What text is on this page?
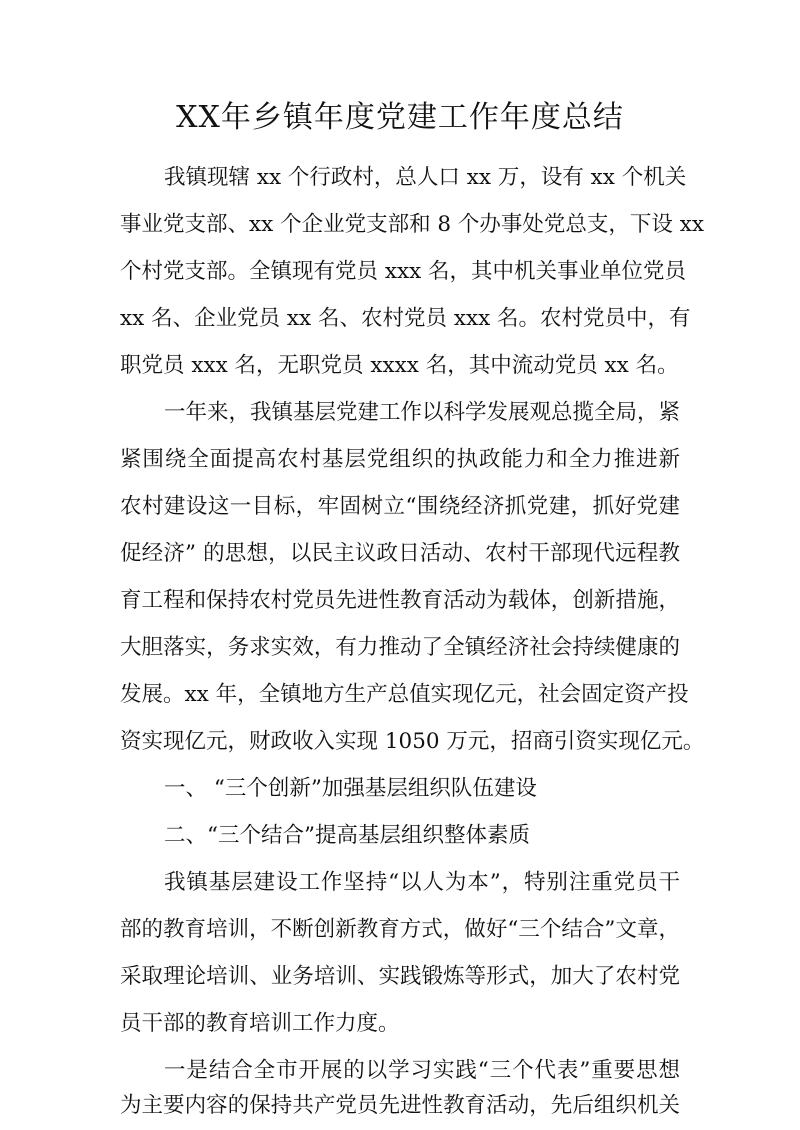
XX年乡镇年度党建工作年度总结

我镇现辖 xx 个行政村，总人口 xx 万，设有 xx 个机关

事业党支部、xx 个企业党支部和 8 个办事处党总支，下设 xx

个村党支部。全镇现有党员 xxx 名，其中机关事业单位党员

xx 名、企业党员 xx 名、农村党员 xxx 名。农村党员中，有

职党员 xxx 名，无职党员 xxxx 名，其中流动党员 xx 名。

一年来，我镇基层党建工作以科学发展观总揽全局，紧

紧围绕全面提高农村基层党组织的执政能力和全力推进新

农村建设这一目标，牢固树立“围绕经济抓党建，抓好党建

促经济” 的思想，以民主议政日活动、农村干部现代远程教

育工程和保持农村党员先进性教育活动为载体，创新措施，

大胆落实，务求实效，有力推动了全镇经济社会持续健康的

发展。xx 年，全镇地方生产总值实现亿元，社会固定资产投

资实现亿元，财政收入实现 1050 万元，招商引资实现亿元。

一、 “三个创新”加强基层组织队伍建设

二、“三个结合”提高基层组织整体素质

我镇基层建设工作坚持“以人为本”，特别注重党员干

部的教育培训，不断创新教育方式，做好“三个结合”文章，

采取理论培训、业务培训、实践锻炼等形式，加大了农村党

员干部的教育培训工作力度。

一是结合全市开展的以学习实践“三个代表”重要思想

为主要内容的保持共产党员先进性教育活动，先后组织机关
